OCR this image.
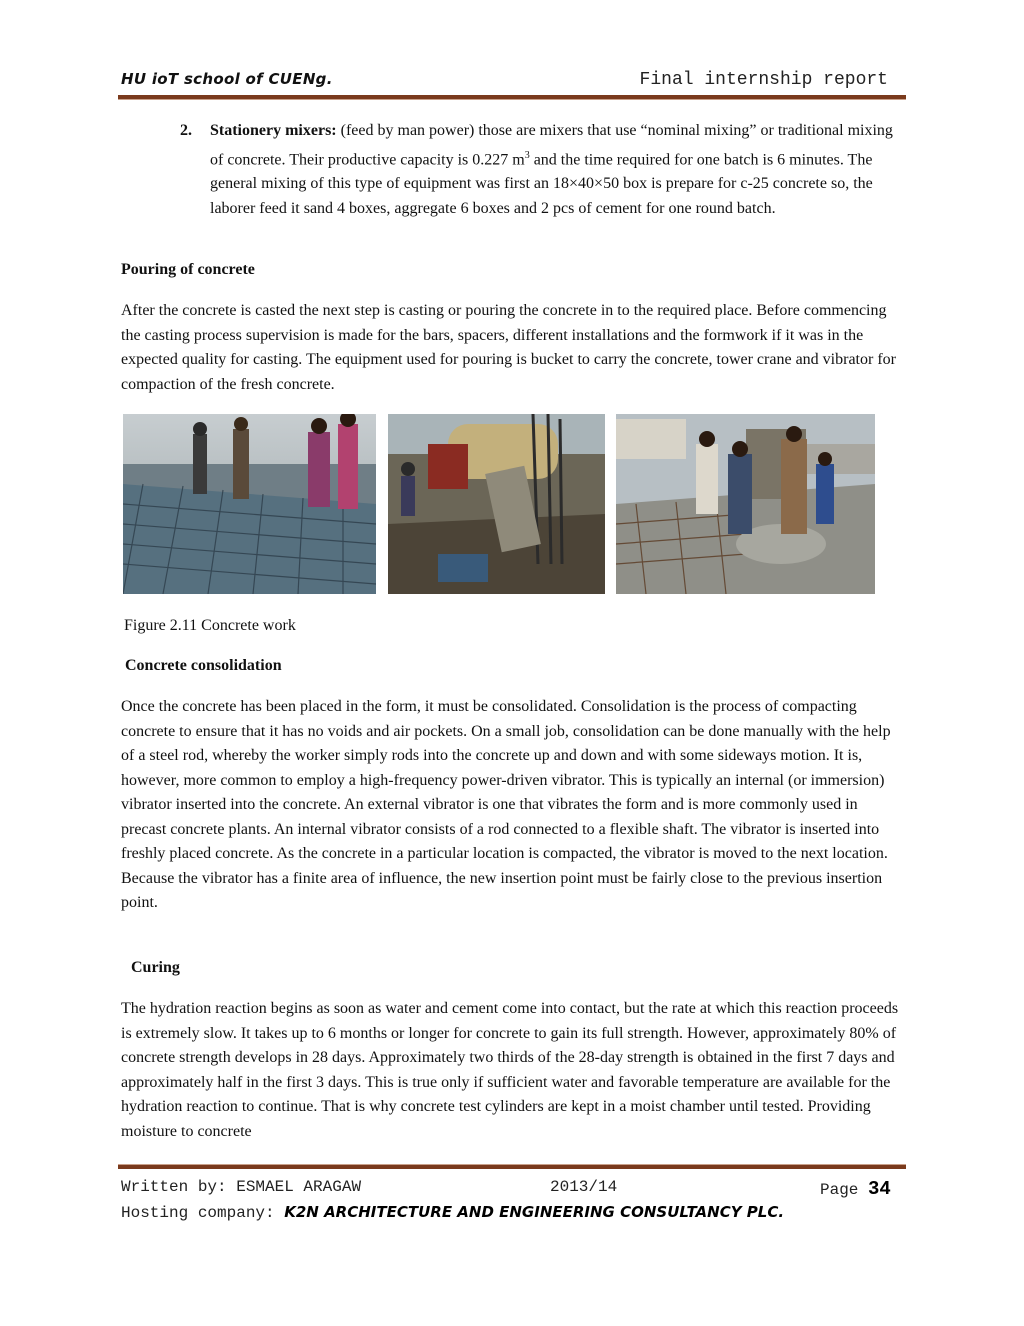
HU ioT school of CUENg.	Final internship report
2. Stationery mixers: (feed by man power) those are mixers that use “nominal mixing” or traditional mixing of concrete. Their productive capacity is 0.227 $m^3$ and the time required for one batch is 6 minutes. The general mixing of this type of equipment was first an 18×40×50 box is prepare for c-25 concrete so, the laborer feed it sand 4 boxes, aggregate 6 boxes and 2 pcs of cement for one round batch.
Pouring of concrete

After the concrete is casted the next step is casting or pouring the concrete in to the required place. Before commencing the casting process supervision is made for the bars, spacers, different installations and the formwork if it was in the expected quality for casting. The equipment used for pouring is bucket to carry the concrete, tower crane and vibrator for compaction of the fresh concrete.

Figure 2.11 Concrete work
Concrete consolidation

Once the concrete has been placed in the form, it must be consolidated. Consolidation is the process of compacting concrete to ensure that it has no voids and air pockets. On a small job, consolidation can be done manually with the help of a steel rod, whereby the worker simply rods into the concrete up and down and with some sideways motion. It is, however, more common to employ a high-frequency power-driven vibrator. This is typically an internal (or immersion) vibrator inserted into the concrete. An external vibrator is one that vibrates the form and is more commonly used in precast concrete plants. An internal vibrator consists of a rod connected to a flexible shaft. The vibrator is inserted into freshly placed concrete. As the concrete in a particular location is compacted, the vibrator is moved to the next location. Because the vibrator has a finite area of influence, the new insertion point must be fairly close to the previous insertion point.

Curing

The hydration reaction begins as soon as water and cement come into contact, but the rate at which this reaction proceeds is extremely slow. It takes up to 6 months or longer for concrete to gain its full strength. However, approximately 80% of concrete strength develops in 28 days. Approximately two thirds of the 28-day strength is obtained in the first 7 days and approximately half in the first 3 days. This is true only if sufficient water and favorable temperature are available for the hydration reaction to continue. That is why concrete test cylinders are kept in a moist chamber until tested. Providing moisture to concrete

Written by: ESMAEL ARAGAW	2013/14	Page 34
Hosting company: K2N ARCHITECTURE AND ENGINEERING CONSULTANCY PLC.
